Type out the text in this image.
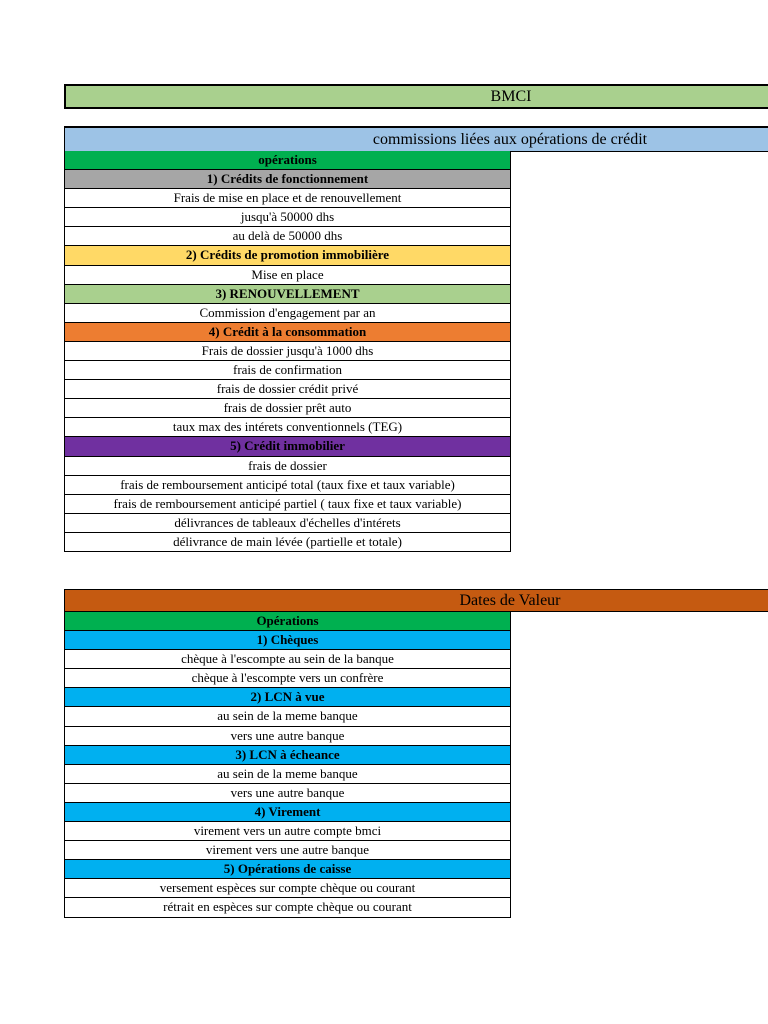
BMCI
commissions liées aux opérations de crédit
opérations
1) Crédits de fonctionnement
Frais de mise en place et de renouvellement
jusqu'à 50000 dhs
au delà de 50000 dhs
2) Crédits de promotion immobilière
Mise en place
3) RENOUVELLEMENT
Commission d'engagement par an
4) Crédit à la consommation
Frais de dossier jusqu'à 1000 dhs
frais de confirmation
frais de dossier crédit privé
frais de dossier prêt auto
taux max des intérets conventionnels (TEG)
5) Crédit immobilier
frais de dossier
frais de remboursement anticipé total (taux fixe et taux variable)
frais de remboursement anticipé partiel ( taux fixe et taux variable)
délivrances de tableaux d'échelles d'intérets
délivrance de main lévée (partielle et totale)
Dates de Valeur
Opérations
1) Chèques
chèque à l'escompte au sein de la banque
chèque à l'escompte vers un confrère
2) LCN à vue
au sein de la meme banque
vers une autre banque
3) LCN à écheance
au sein de la meme banque
vers une autre banque
4) Virement
virement vers un autre compte bmci
virement vers une autre banque
5) Opérations de caisse
versement espèces sur compte chèque ou courant
rétrait en espèces sur compte chèque ou courant
